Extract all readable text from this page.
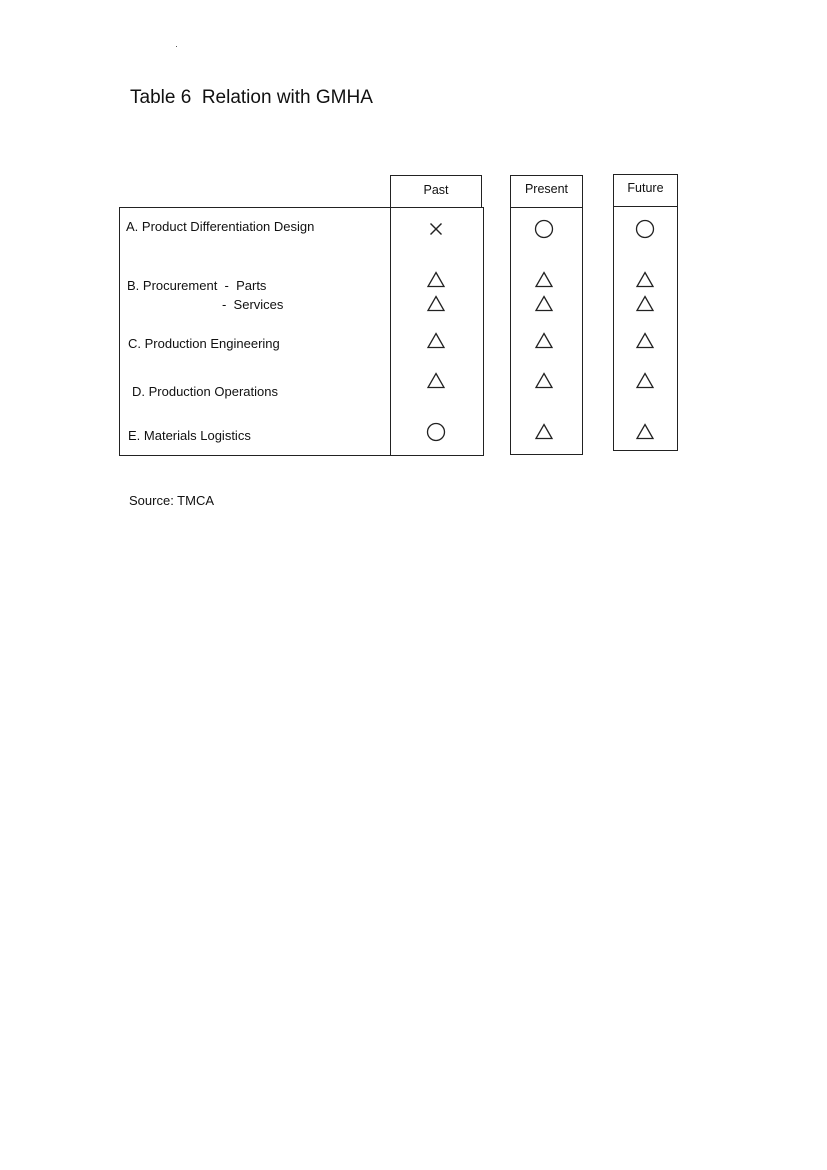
Table 6  Relation with GMHA
Past	Present	Future
A. Product Differentiation Design
B. Procurement  -  Parts
-  Services
C. Production Engineering
D. Production Operations
E. Materials Logistics
Source: TMCA
